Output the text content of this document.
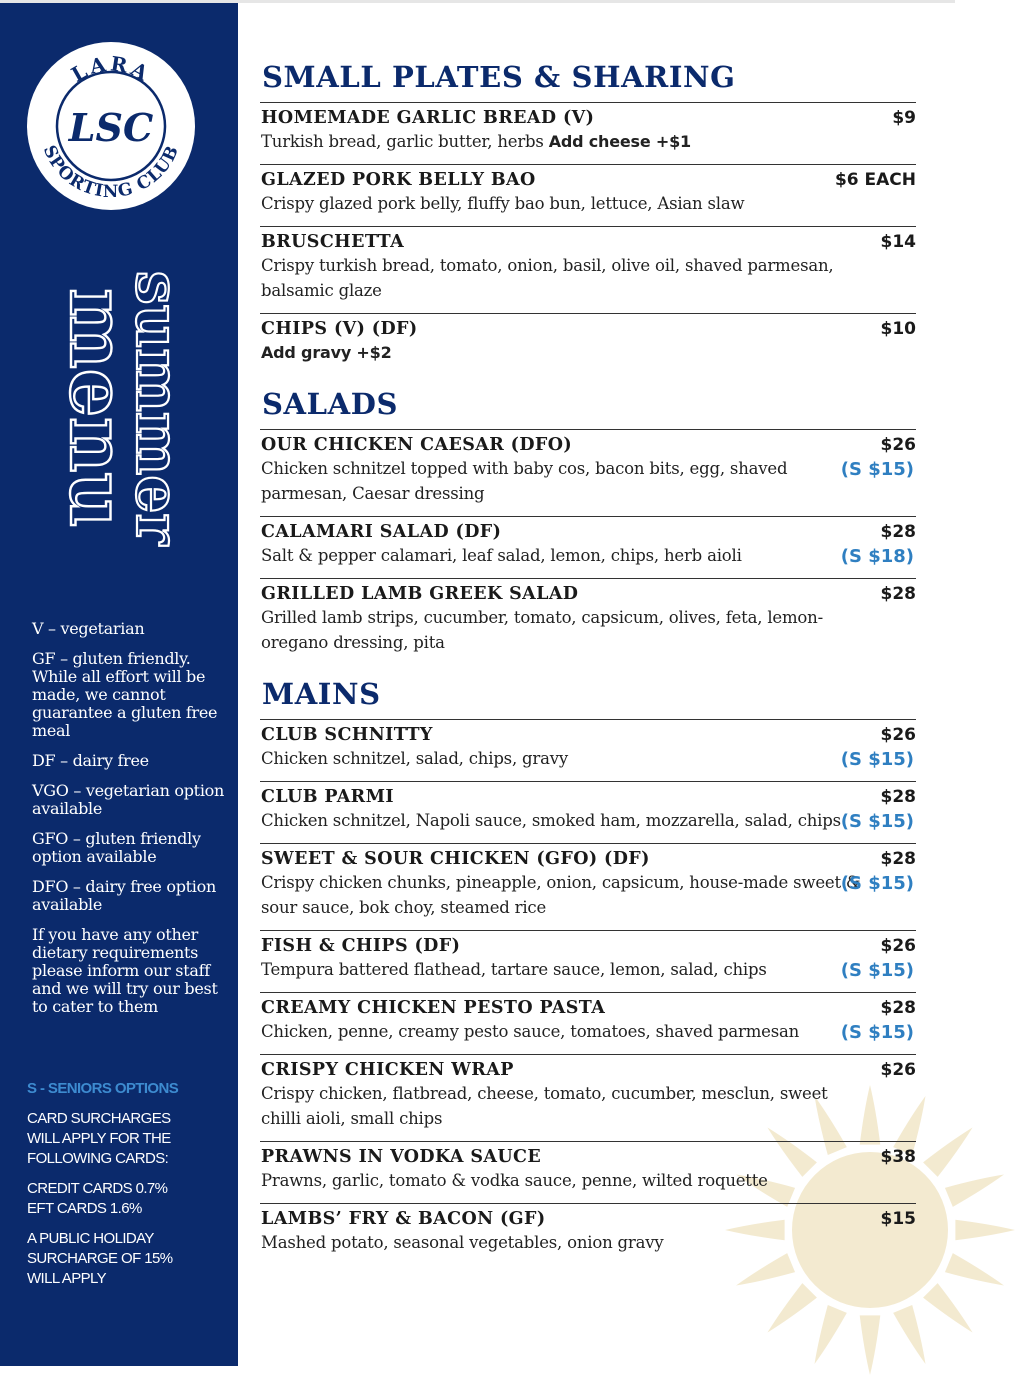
LARA
SPORTING CLUB
LSC
summer
menu

V – vegetarian

GF – gluten friendly. While all effort will be made, we cannot guarantee a gluten free meal

DF – dairy free

VGO – vegetarian option available

GFO – gluten friendly option available

DFO – dairy free option available

If you have any other dietary requirements please inform our staff and we will try our best to cater to them

S - SENIORS OPTIONS
CARD SURCHARGES
WILL APPLY FOR THE
FOLLOWING CARDS:
CREDIT CARDS 0.7%
EFT CARDS 1.6%
A PUBLIC HOLIDAY
SURCHARGE OF 15%
WILL APPLY
SMALL PLATES & SHARING
HOMEMADE GARLIC BREAD (V)	$9
Turkish bread, garlic butter, herbs Add cheese +$1
GLAZED PORK BELLY BAO	$6 EACH
Crispy glazed pork belly, fluffy bao bun, lettuce, Asian slaw
BRUSCHETTA	$14
Crispy turkish bread, tomato, onion, basil, olive oil, shaved parmesan, balsamic glaze
CHIPS (V) (DF)	$10
Add gravy +$2
SALADS
OUR CHICKEN CAESAR (DFO)	$26
(S $15)
Chicken schnitzel topped with baby cos, bacon bits, egg, shaved parmesan, Caesar dressing
CALAMARI SALAD (DF)	$28
(S $18)
Salt & pepper calamari, leaf salad, lemon, chips, herb aioli
GRILLED LAMB GREEK SALAD	$28
Grilled lamb strips, cucumber, tomato, capsicum, olives, feta, lemon-oregano dressing, pita
MAINS
CLUB SCHNITTY	$26
(S $15)
Chicken schnitzel, salad, chips, gravy
CLUB PARMI	$28
(S $15)
Chicken schnitzel, Napoli sauce, smoked ham, mozzarella, salad, chips
SWEET & SOUR CHICKEN (GFO) (DF)	$28
(S $15)
Crispy chicken chunks, pineapple, onion, capsicum, house-made sweet & sour sauce, bok choy, steamed rice
FISH & CHIPS (DF)	$26
(S $15)
Tempura battered flathead, tartare sauce, lemon, salad, chips
CREAMY CHICKEN PESTO PASTA	$28
(S $15)
Chicken, penne, creamy pesto sauce, tomatoes, shaved parmesan
CRISPY CHICKEN WRAP	$26
Crispy chicken, flatbread, cheese, tomato, cucumber, mesclun, sweet chilli aioli, small chips
PRAWNS IN VODKA SAUCE	$38
Prawns, garlic, tomato & vodka sauce, penne, wilted roquette
LAMBS’ FRY & BACON (GF)	$15
Mashed potato, seasonal vegetables, onion gravy
